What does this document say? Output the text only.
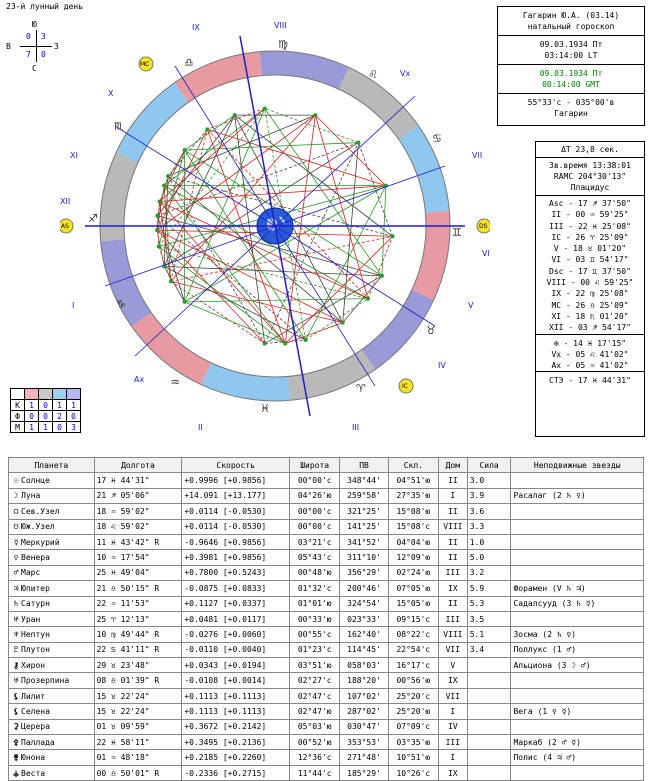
23-й лунный день
Ю
С
В	З
0 3
7 0
VIII
IX
X
XI
XII
I
II	III
IV
V
VI
VII
Vx
Ax
AS	DS
MC
IC
♍
♌
♋
♊
♉
♈
♓
♒
♑
♐
♏
♎
Гагарин Ю.А. (03.14)
натальный гороскоп
09.03.1934 Пт
03:14:00 LT
09.03.1934 Пт
00:14:00 GMT
55°33'с - 035°00'в
Гагарин
ΔT 23,8 сек.
Зв.время 13:38:01
RAMC 204°30'13"
Плацидус
Asc - 17 ♐ 37'50"
II - 00 ♒ 59'25"
III - 22 ♓ 25'08"
IC - 26 ♈ 25'09"
V - 18 ♉ 01'20"
VI - 03 ♊ 54'17"
Dsc - 17 ♊ 37'50"
VIII - 00 ♌ 59'25"
IX - 22 ♍ 25'08"
MC - 26 ♎ 25'09"
XI - 18 ♏ 01'20"
XII - 03 ♐ 54'17"
⊕ - 14 ♓ 17'15"
Vx - 05 ♌ 41'02"
Ax - 05 ♒ 41'02"
СТЭ - 17 ♓ 44'31"

К	1	0	1	1
Ф	0	0	2	0
М	1	1	0	3
Планета	Долгота	Скорость	Широта	ПВ	Скл.	Дом	Сила	Неподвижные звезды
☉ Солнце	17 ♓ 44'31"	+0.9996 [+0.9856]	00°00'с	348°44'	04°51'ю	II	3.0	
☽ Луна	21 ♐ 05'06"	+14.091 [+13.177]	04°26'ю	259°58'	27°35'ю	I	3.9	Расалаг (2 ♄ ♀)
☊ Сев.Узел	18 ♒ 59'02"	+0.0114 [-0.0530]	00°00'с	321°25'	15°08'ю	II	3.6	
☋ Юж.Узел	18 ♌ 59'02"	+0.0114 [-0.0530]	00°00'с	141°25'	15°08'с	VIII	3.3	
☿ Меркурий	11 ♓ 43'42" R	-0.9646 [+0.9856]	03°21'с	341°52'	04°04'ю	II	1.0	
♀ Венера	10 ♒ 17'54"	+0.3981 [+0.9856]	05°43'с	311°10'	12°09'ю	II	5.0	
♂ Марс	25 ♓ 49'04"	+0.7800 [+0.5243]	00°48'ю	356°29'	02°24'ю	III	3.2	
♃ Юпитер	21 ♎ 50'15" R	-0.0875 [+0.0833]	01°32'с	200°46'	07°05'ю	IX	5.9	Форамен (V ♄ ♃)
♄ Сатурн	22 ♒ 11'53"	+0.1127 [+0.0337]	01°01'ю	324°54'	15°05'ю	II	5.3	Садалсууд (3 ♄ ☿)
♅ Уран	25 ♈ 12'13"	+0.0481 [+0.0117]	00°33'ю	023°33'	09°15'с	III	3.5	
♆ Нептун	10 ♍ 49'44" R	-0.0276 [+0.0060]	00°55'с	162°40'	08°22'с	VIII	5.1	Зосма (2 ♄ ♀)
♇ Плутон	22 ♋ 41'11" R	-0.0110 [+0.0040]	01°23'с	114°45'	22°54'с	VII	3.4	Поллукс (1 ♂)
⚷ Хирон	29 ♉ 23'48"	+0.0343 [+0.0194]	03°51'ю	058°03'	16°17'с	V		Альциона (3 ☽ ♂)
♅ Прозерпина	08 ♎ 01'39" R	-0.0108 [+0.0014]	02°27'с	188°20'	00°56'ю	IX		
⚸ Лилит	15 ♉ 22'24"	+0.1113 [+0.1113]	02°47'с	107°02'	25°20'с	VII		
⚸ Селена	15 ♉ 22'24"	+0.1113 [+0.1113]	02°47'ю	287°02'	25°20'ю	I		Вега (1 ♀ ☿)
⚳ Церера	01 ♉ 09'59"	+0.3672 [+0.2142]	05°03'ю	030°47'	07°09'с	IV		
⚴ Паллада	22 ♓ 58'11"	+0.3495 [+0.2136]	00°52'ю	353°53'	03°35'ю	III		Маркаб (2 ♂ ☿)
⚵ Юнона	01 ♒ 48'18"	+0.2185 [+0.2260]	12°36'с	271°48'	10°51'ю	I		Полис (4 ♃ ♂)
⚶ Веста	00 ♎ 50'01" R	-0.2336 [+0.2715]	11°44'с	185°29'	10°26'с	IX		
